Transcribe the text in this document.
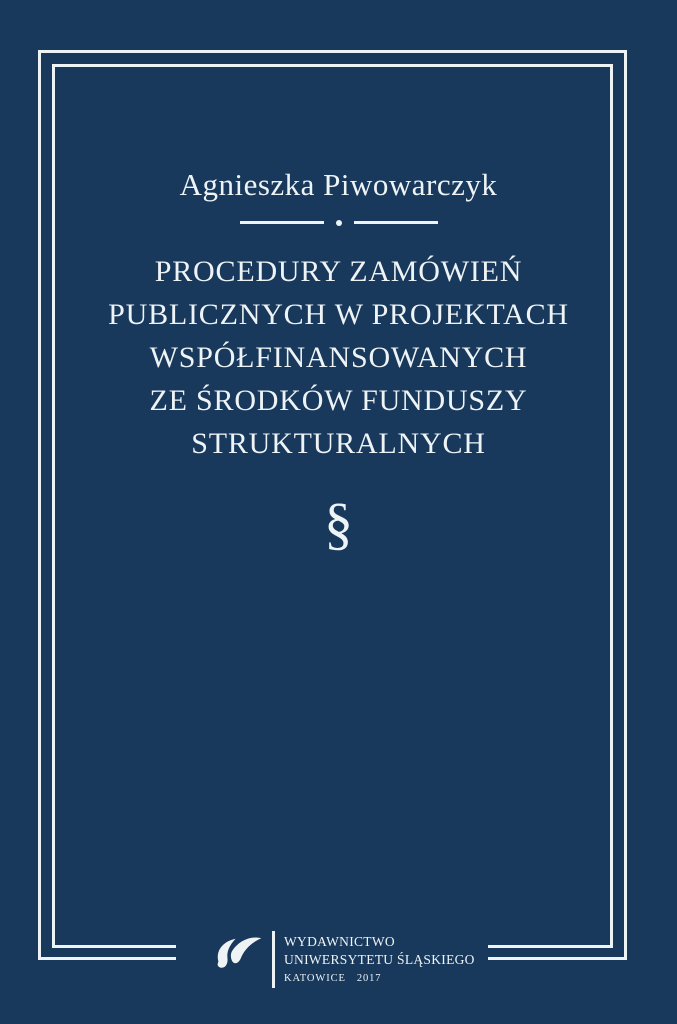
Agnieszka Piwowarczyk
PROCEDURY ZAMÓWIEŃ
PUBLICZNYCH W PROJEKTACH
WSPÓŁFINANSOWANYCH
ZE ŚRODKÓW FUNDUSZY
STRUKTURALNYCH
§
WYDAWNICTWO
UNIWERSYTETU ŚLĄSKIEGO
KATOWICE 2017
